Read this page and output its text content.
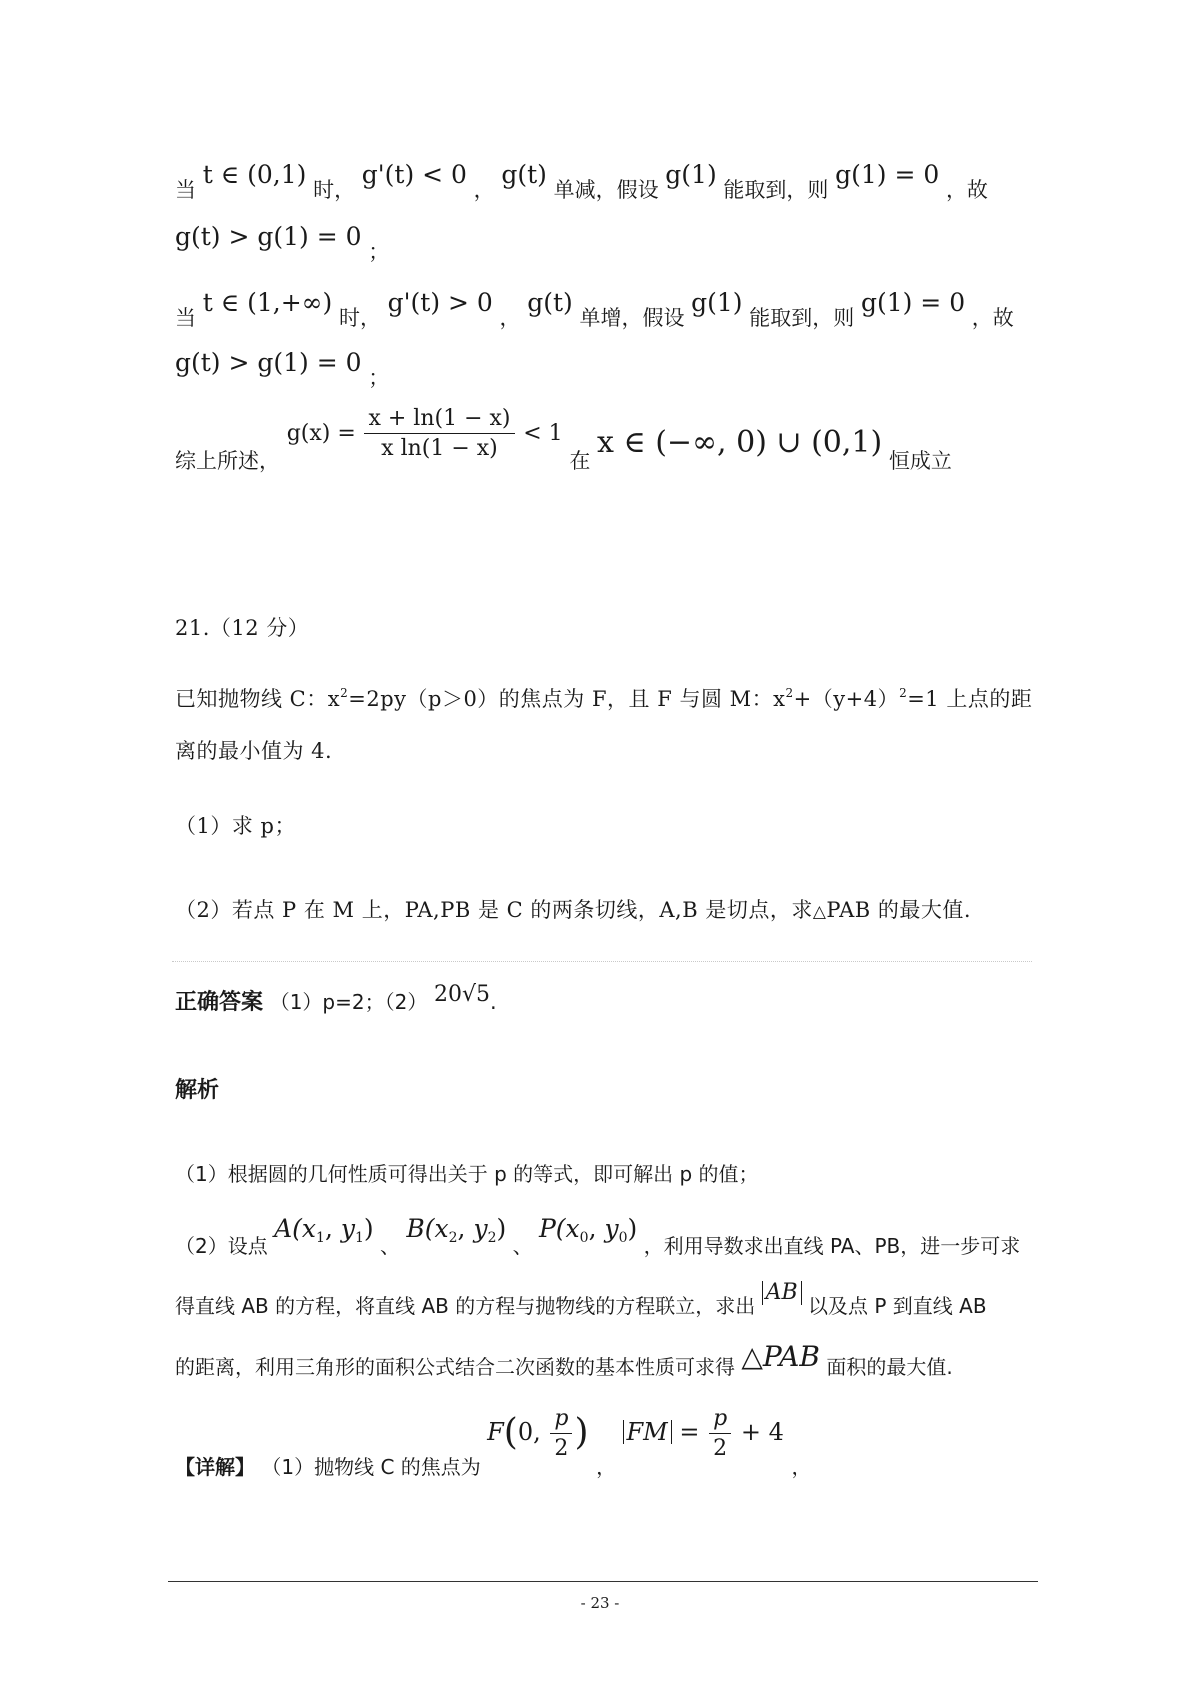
当 t ∈ (0,1) 时， g'(t) < 0 ， g(t) 单减，假设 g(1) 能取到，则 g(1) = 0 ，故
g(t) > g(1) = 0 ；
当 t ∈ (1,+∞) 时， g'(t) > 0 ， g(t) 单增，假设 g(1) 能取到，则 g(1) = 0 ，故
g(t) > g(1) = 0 ；
综上所述， $g(x) = \frac{x + \ln(1 - x)}{\text{x ln(1 − x)}} < 1$ 在 x ∈ (−∞, 0) ∪ (0,1) 恒成立
21.（12 分）
已知抛物线 C：$x^2=2py(p>0)$的焦点为 F，且 F 与圆 M：$x^2+(y+4)^2=1$ 上点的距
离的最小值为 4.
（1）求 p；
（2）若点 P 在 M 上，PA,PB 是 C 的两条切线，A,B 是切点，求△PAB 的最大值.
正确答案 （1）p=2；（2） 20√5.
解析
（1）根据圆的几何性质可得出关于 p 的等式，即可解出 p 的值；
（2）设点 $A(x_1$, $y_1$) 、 $B(x_2$, $y_2$) 、 $P(x_0$, $y_0$) ，利用导数求出直线 PA、PB，进一步可求
得直线 AB 的方程，将直线 AB 的方程与抛物线的方程联立，求出 AB 以及点 P 到直线 AB
的距离，利用三角形的面积公式结合二次函数的基本性质可求得 △PAB 面积的最大值.
【详解】 （1）抛物线 C 的焦点为 F(0, $\frac{p}{2}$ ) ， FM = $\frac{p}{2} + 4$ ，
- 23 -
